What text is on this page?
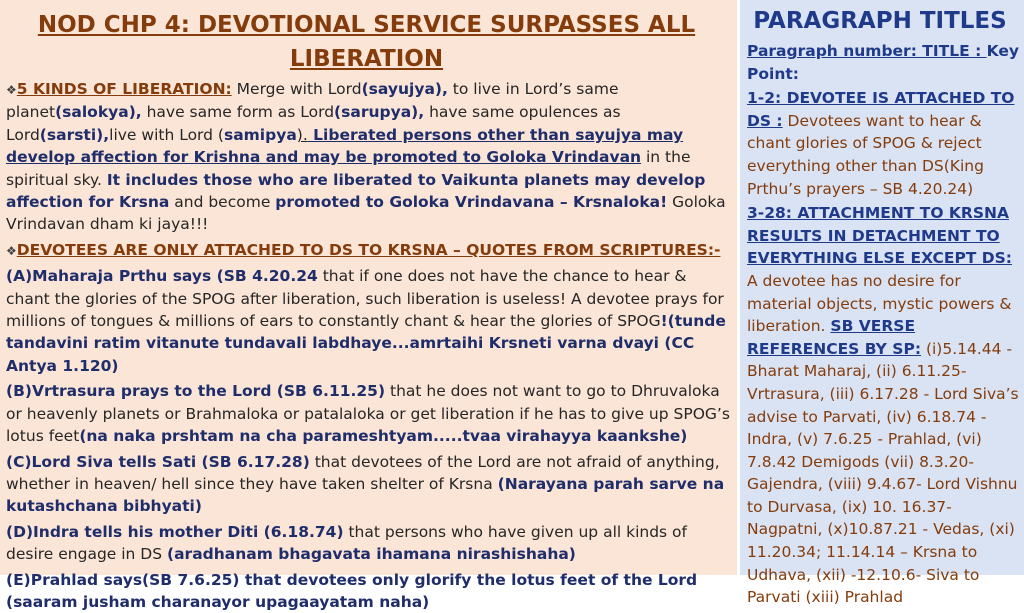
NOD CHP 4: DEVOTIONAL SERVICE SURPASSES ALL LIBERATION
❖5 KINDS OF LIBERATION: Merge with Lord(sayujya), to live in Lord’s same planet(salokya), have same form as Lord(sarupya), have same opulences as Lord(sarsti),live with Lord (samipya). Liberated persons other than sayujya may develop affection for Krishna and may be promoted to Goloka Vrindavan in the spiritual sky. It includes those who are liberated to Vaikunta planets may develop affection for Krsna and become promoted to Goloka Vrindavana – Krsnaloka! Goloka Vrindavan dham ki jaya!!!
❖DEVOTEES ARE ONLY ATTACHED TO DS TO KRSNA – QUOTES FROM SCRIPTURES:-
(A)Maharaja Prthu says (SB 4.20.24 that if one does not have the chance to hear & chant the glories of the SPOG after liberation, such liberation is useless! A devotee prays for millions of tongues & millions of ears to constantly chant & hear the glories of SPOG!(tunde tandavini ratim vitanute tundavali labdhaye...amrtaihi Krsneti varna dvayi (CC Antya 1.120)
(B)Vrtrasura prays to the Lord (SB 6.11.25) that he does not want to go to Dhruvaloka or heavenly planets or Brahmaloka or patalaloka or get liberation if he has to give up SPOG’s lotus feet(na naka prshtam na cha parameshtyam.....tvaa virahayya kaankshe)
(C)Lord Siva tells Sati (SB 6.17.28) that devotees of the Lord are not afraid of anything, whether in heaven/ hell since they have taken shelter of Krsna (Narayana parah sarve na kutashchana bibhyati)
(D)Indra tells his mother Diti (6.18.74) that persons who have given up all kinds of desire engage in DS (aradhanam bhagavata ihamana nirashishaha)
(E)Prahlad says(SB 7.6.25) that devotees only glorify the lotus feet of the Lord (saaram jusham charanayor upagaayatam naha)
PARAGRAPH TITLES
Paragraph number: TITLE : Key Point:
1-2: DEVOTEE IS ATTACHED TO DS : Devotees want to hear & chant glories of SPOG & reject everything other than DS(King Prthu’s prayers – SB 4.20.24)
3-28: ATTACHMENT TO KRSNA RESULTS IN DETACHMENT TO EVERYTHING ELSE EXCEPT DS: A devotee has no desire for material objects, mystic powers & liberation. SB VERSE REFERENCES BY SP: (i)5.14.44 - Bharat Maharaj, (ii) 6.11.25- Vrtrasura, (iii) 6.17.28 - Lord Siva’s advise to Parvati, (iv) 6.18.74 - Indra, (v) 7.6.25 - Prahlad, (vi) 7.8.42 Demigods (vii) 8.3.20-Gajendra, (viii) 9.4.67- Lord Vishnu to Durvasa, (ix) 10. 16.37- Nagpatni, (x)10.87.21 - Vedas, (xi) 11.20.34; 11.14.14 – Krsna to Udhava, (xii) -12.10.6- Siva to Parvati (xiii) Prahlad
